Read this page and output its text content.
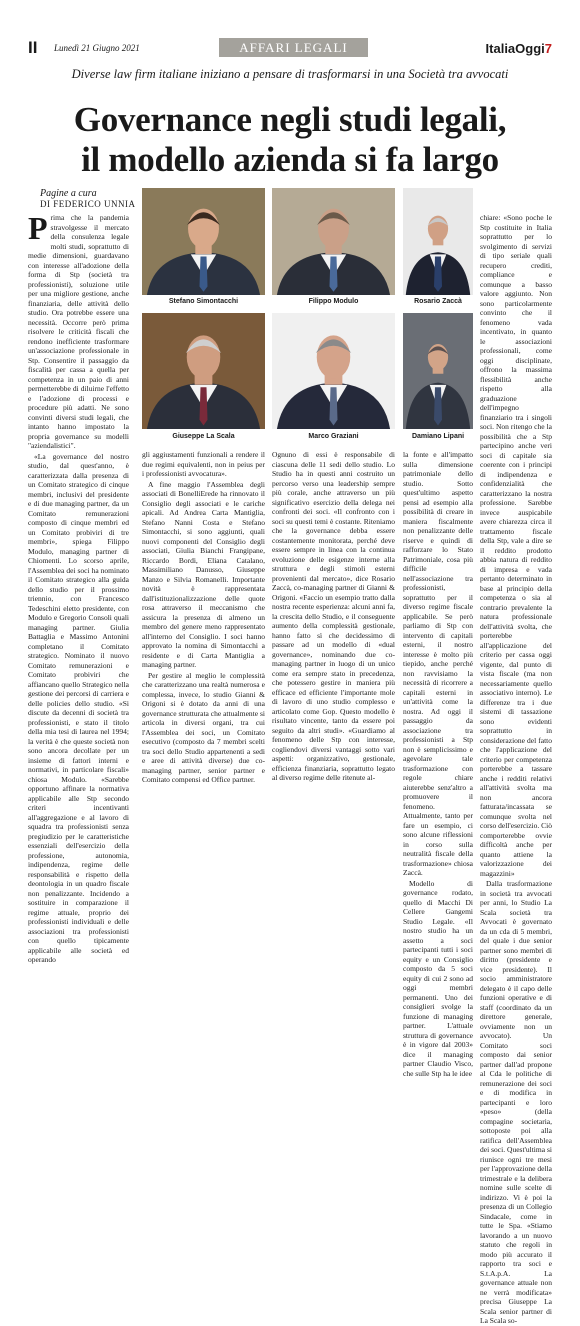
II Lunedì 21 Giugno 2021	AFFARI LEGALI	ItaliaOggi7
Diverse law firm italiane iniziano a pensare di trasformarsi in una Società tra avvocati
Governance negli studi legali,
il modello azienda si fa largo
Pagine a cura
DI FEDERICO UNNIA
Stefano Simontacchi	Filippo Modulo	Rosario Zaccà
Giuseppe La Scala	Marco Graziani	Damiano Lipani

Prima che la pandemia stravolgesse il mercato della consulenza legale molti studi, soprattutto di medie dimensioni, guardavano con interesse all'adozione della forma di Stp (società tra professionisti), soluzione utile per una migliore gestione, anche finanziaria, delle attività dello studio. Ora potrebbe essere una necessità. Occorre però prima risolvere le criticità fiscali che rendono inefficiente trasformare un'associazione professionale in Stp. Consentire il passaggio da fiscalità per cassa a quella per competenza in un paio di anni permetterebbe di diluirne l'effetto e l'adozione di processi e procedure più adatti. Ne sono convinti diversi studi legali, che intanto hanno impostato la propria governance su modelli "aziendalistici".

«La governance del nostro studio, dal quest'anno, è caratterizzata dalla presenza di un Comitato strategico di cinque membri, inclusivi del presidente e di due managing partner, da un Comitato remunerazioni composto di cinque membri ed un Comitato probiviri di tre membri», spiega Filippo Modulo, managing partner di Chiomenti. Lo scorso aprile, l'Assemblea dei soci ha nominato il Comitato strategico alla guida dello studio per il prossimo triennio, con Francesco Tedeschini eletto presidente, con Modulo e Gregorio Consoli quali managing partner. Giulia Battaglia e Massimo Antonini completano il Comitato strategico. Nominato il nuovo Comitato remunerazioni e Comitato probiviri che affiancano quello Strategico nella gestione dei percorsi di carriera e delle policies dello studio. «Si discute da decenni di società tra professionisti, e stato il titolo della mia tesi di laurea nel 1994; la verità è che queste società non sono ancora decollate per un insieme di fattori interni e normativi, in particolare fiscali» chiosa Modulo. «Sarebbe opportuno affinare la normativa applicabile alle Stp secondo criteri incentivanti all'aggregazione e al lavoro di squadra tra professionisti senza pregiudizio per le caratteristiche essenziali dell'esercizio della professione, autonomia, indipendenza, regime delle responsabilità e rispetto della deontologia in un quadro fiscale non penalizzante. Incidendo a sostituire in comparazione il regime attuale, proprio dei professionisti individuali e delle associazioni tra professionisti con quello tipicamente applicabile alle società ed operando

gli aggiustamenti funzionali a rendere il due regimi equivalenti, non in peius per i professionisti avvocatura».

A fine maggio l'Assemblea degli associati di BonelliErede ha rinnovato il Consiglio degli associati e le cariche apicali. Ad Andrea Carta Mantiglia, Stefano Nanni Costa e Stefano Simontacchi, si sono aggiunti, quali nuovi componenti del Consiglio degli associati, Giulia Bianchi Frangipane, Riccardo Bordi, Eliana Catalano, Massimiliano Danusso, Giuseppe Manzo e Silvia Romanelli. Importante novità è rappresentata dall'istituzionalizzazione delle quote rosa attraverso il meccanismo che assicura la presenza di almeno un membro del genere meno rappresentato all'interno del Consiglio. I soci hanno approvato la nomina di Simontacchi a residente e di Carta Mantiglia a managing partner.

Per gestire al meglio le complessità che caratterizzano una realtà numerosa e complessa, invece, lo studio Gianni & Origoni si è dotato da anni di una governance strutturata che attualmente si articola in diversi organi, tra cui l'Assemblea dei soci, un Comitato esecutivo (composto da 7 membri scelti tra soci dello Studio appartenenti a sedi e aree di attività diverse) due co-managing partner, senior partner e Comitato compensi ed Office partner.

Ognuno di essi è responsabile di ciascuna delle 11 sedi dello studio. Lo Studio ha in questi anni costruito un percorso verso una leadership sempre più corale, anche attraverso un più significativo esercizio della delega nei confronti dei soci. «Il confronto con i soci su questi temi è costante. Riteniamo che la governance debba essere costantemente monitorata, perché deve essere sempre in linea con la continua evoluzione delle esigenze interne alla struttura e degli stimoli esterni provenienti dal mercato», dice Rosario Zaccà, co-managing partner di Gianni & Origoni. «Faccio un esempio tratto dalla nostra recente esperienza: alcuni anni fa, la crescita dello Studio, e il conseguente aumento della complessità gestionale, hanno fatto sì che decidessimo di passare ad un modello di «dual governance», nominando due co-managing partner in luogo di un unico come era sempre stato in precedenza, che potessero gestire in maniera più efficace ed efficiente l'importante mole di lavoro di uno studio complesso e articolato come Gop. Questo modello è risultato vincente, tanto da essere poi seguito da altri studi». «Guardiamo al fenomeno delle Stp con interesse, cogliendovi diversi vantaggi sotto vari aspetti: organizzativo, gestionale, efficienza finanziaria, soprattutto legato al diverso regime delle ritenute al-

la fonte e all'impatto sulla dimensione patrimoniale dello studio. Sotto quest'ultimo aspetto pensi ad esempio alla possibilità di creare in maniera fiscalmente non penalizzante delle riserve e quindi di rafforzare lo Stato Patrimoniale, cosa più difficile nell'associazione tra professionisti, soprattutto per il diverso regime fiscale applicabile. Se però parliamo di Stp con intervento di capitali esterni, il nostro interesse è molto più tiepido, anche perché non ravvisiamo la necessità di ricorrere a capitali esterni in un'attività come la nostra. Ad oggi il passaggio da associazione tra professionisti a Stp non è semplicissimo e agevolare tale trasformazione con regole chiare aiuterebbe senz'altro a promuovere il fenomeno. Attualmente, tanto per fare un esempio, ci sono alcune riflessioni in corso sulla neutralità fiscale della trasformazione» chiosa Zaccà.

Modello di governance rodato, quello di Macchi Di Cellere Gangemi Studio Legale. «Il nostro studio ha un assetto a soci partecipanti tutti i soci equity e un Consiglio composto da 5 soci equity di cui 2 sono ad oggi membri permanenti. Uno dei consiglieri svolge la funzione di managing partner. L'attuale struttura di governance è in vigore dal 2003» dice il managing partner Claudio Visco, che sulle Stp ha le idee

chiare: «Sono poche le Stp costituite in Italia soprattutto per lo svolgimento di servizi di tipo seriale quali recupero crediti, compliance e comunque a basso valore aggiunto. Non sono particolarmente convinto che il fenomeno vada incentivato, in quanto le associazioni professionali, come oggi disciplinate, offrono la massima flessibilità anche rispetto alla graduazione dell'impegno finanziario tra i singoli soci. Non ritengo che la possibilità che a Stp partecipino anche veri soci di capitale sia coerente con i principi di indipendenza e confidenzialità che caratterizzano la nostra professione. Sarebbe invece auspicabile avere chiarezza circa il trattamento fiscale della Stp, vale a dire se il reddito prodotto abbia natura di reddito di impresa e vada pertanto determinato in base al principio della competenza o sia al contrario prevalente la natura professionale dell'attività svolta, che porterebbe all'applicazione del criterio per cassa oggi vigente, dal punto di vista fiscale (ma non necessariamente quello associativo interno). Le differenze tra i due sistemi di tassazione sono evidenti soprattutto in considerazione del fatto che l'applicazione del criterio per competenza porterebbe a tassare anche i redditi relativi all'attività svolta ma non ancora fatturata/incassata se comunque svolta nel corso dell'esercizio. Ciò comporterebbe ovvie difficoltà anche per quanto attiene la valorizzazione dei magazzini»

Dalla trasformazione in società tra avvocati per anni, lo Studio La Scala società tra Avvocati è governato da un cda di 5 membri, del quale i due senior partner sono membri di diritto (presidente e vice presidente). Il socio amministratore delegato è il capo delle funzioni operative e di staff (coordinato da un direttore generale, ovviamente non un avvocato). Un Comitato soci composto dai senior partner dall'ad propone al Cda le politiche di remunerazione dei soci e di modifica in partecipanti e loro «peso» (della compagine societaria, sottoposte poi alla ratifica dell'Assemblea dei soci. Quest'ultima si riunisce ogni tre mesi per l'approvazione della trimestrale e la delibera nomine sulle scelte di indirizzo. Vi è poi la presenza di un Collegio Sindacale, come in tutte le Spa. «Stiamo lavorando a un nuovo statuto che regoli in modo più accurato il rapporto tra soci e S.t.A.p.A. La governance attuale non ne verrà modificata» precisa Giuseppe La Scala senior partner di La Scala so-
